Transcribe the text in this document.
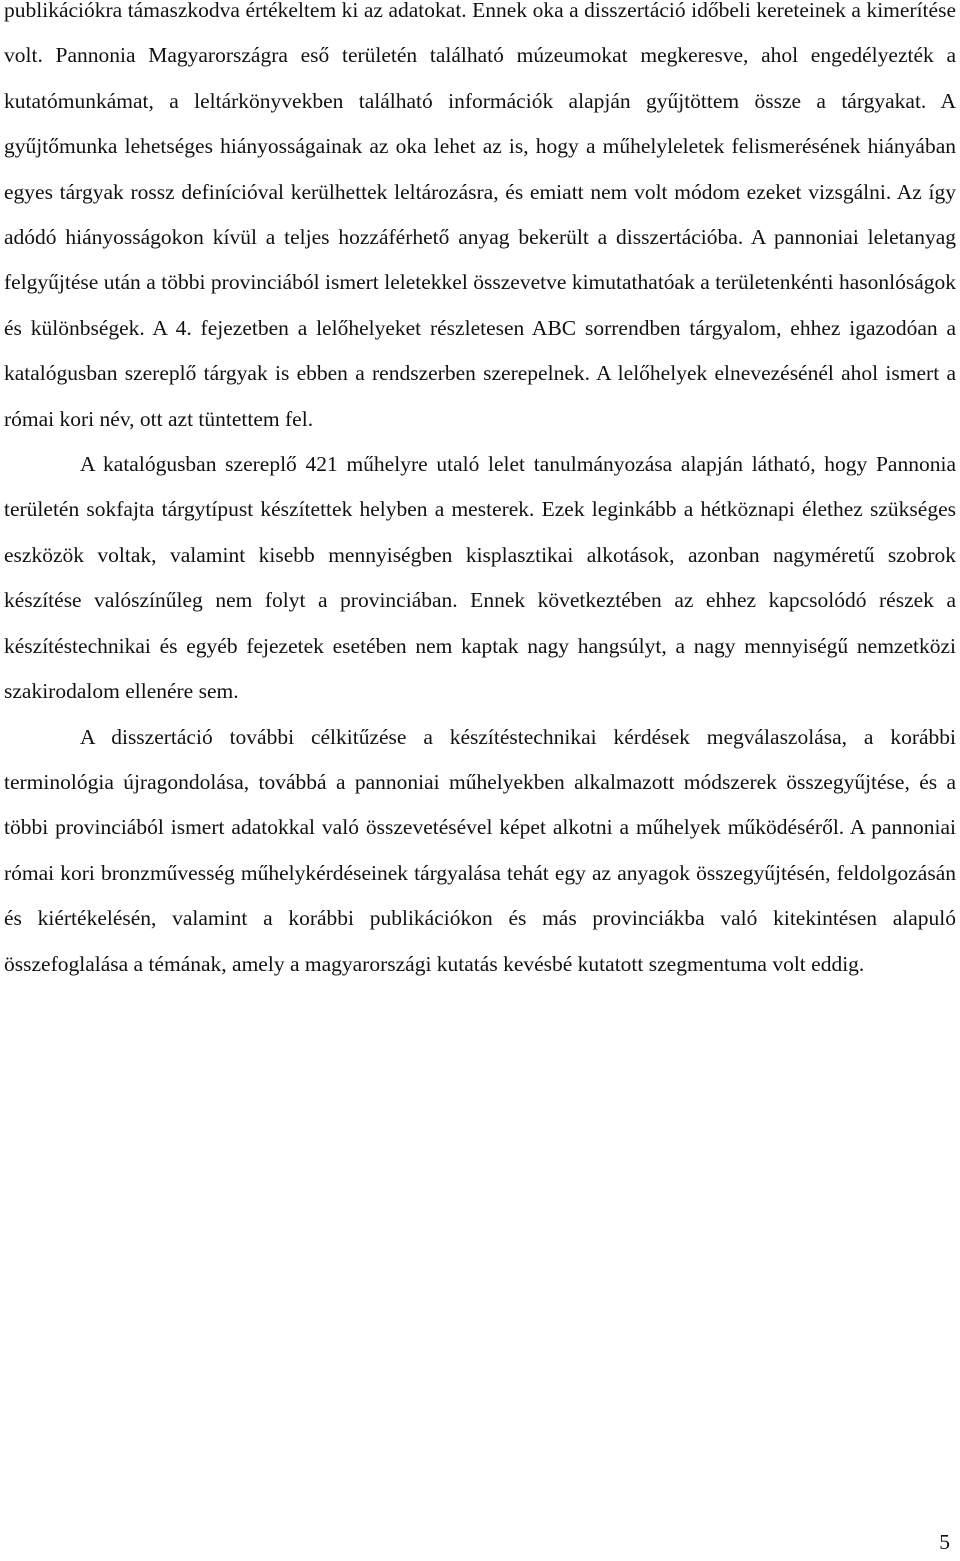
publikációkra támaszkodva értékeltem ki az adatokat. Ennek oka a disszertáció időbeli kereteinek a kimerítése volt. Pannonia Magyarországra eső területén található múzeumokat megkeresve, ahol engedélyezték a kutatómunkámat, a leltárkönyvekben található információk alapján gyűjtöttem össze a tárgyakat. A gyűjtőmunka lehetséges hiányosságainak az oka lehet az is, hogy a műhelyleletek felismerésének hiányában egyes tárgyak rossz definícióval kerülhettek leltározásra, és emiatt nem volt módom ezeket vizsgálni. Az így adódó hiányosságokon kívül a teljes hozzáférhető anyag bekerült a disszertációba. A pannoniai leletanyag felgyűjtése után a többi provinciából ismert leletekkel összevetve kimutathatóak a területenkénti hasonlóságok és különbségek. A 4. fejezetben a lelőhelyeket részletesen ABC sorrendben tárgyalom, ehhez igazodóan a katalógusban szereplő tárgyak is ebben a rendszerben szerepelnek. A lelőhelyek elnevezésénél ahol ismert a római kori név, ott azt tüntettem fel.

A katalógusban szereplő 421 műhelyre utaló lelet tanulmányozása alapján látható, hogy Pannonia területén sokfajta tárgytípust készítettek helyben a mesterek. Ezek leginkább a hétköznapi élethez szükséges eszközök voltak, valamint kisebb mennyiségben kisplasztikai alkotások, azonban nagyméretű szobrok készítése valószínűleg nem folyt a provinciában. Ennek következtében az ehhez kapcsolódó részek a készítéstechnikai és egyéb fejezetek esetében nem kaptak nagy hangsúlyt, a nagy mennyiségű nemzetközi szakirodalom ellenére sem.

A disszertáció további célkitűzése a készítéstechnikai kérdések megválaszolása, a korábbi terminológia újragondolása, továbbá a pannoniai műhelyekben alkalmazott módszerek összegyűjtése, és a többi provinciából ismert adatokkal való összevetésével képet alkotni a műhelyek működéséről. A pannoniai római kori bronzművesség műhelykérdéseinek tárgyalása tehát egy az anyagok összegyűjtésén, feldolgozásán és kiértékelésén, valamint a korábbi publikációkon és más provinciákba való kitekintésen alapuló összefoglalása a témának, amely a magyarországi kutatás kevésbé kutatott szegmentuma volt eddig.

5
